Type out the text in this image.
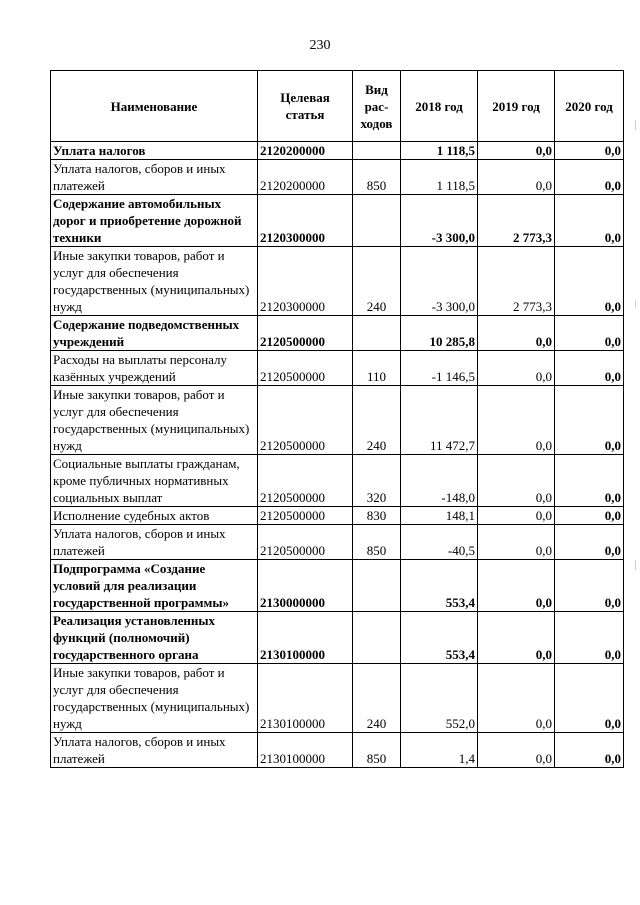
230
Наименование	Целевая статья	Вид рас-ходов	2018 год	2019 год	2020 год
Уплата налогов	2120200000		1 118,5	0,0	0,0
Уплата налогов, сборов и иных платежей	2120200000	850	1 118,5	0,0	0,0
Содержание автомобильных дорог и приобретение дорожной техники	2120300000		-3 300,0	2 773,3	0,0
Иные закупки товаров, работ и услуг для обеспечения государственных (муниципальных) нужд	2120300000	240	-3 300,0	2 773,3	0,0
Содержание подведомственных учреждений	2120500000		10 285,8	0,0	0,0
Расходы на выплаты персоналу казённых учреждений	2120500000	110	-1 146,5	0,0	0,0
Иные закупки товаров, работ и услуг для обеспечения государственных (муниципальных) нужд	2120500000	240	11 472,7	0,0	0,0
Социальные выплаты гражданам, кроме публичных нормативных социальных выплат	2120500000	320	-148,0	0,0	0,0
Исполнение судебных актов	2120500000	830	148,1	0,0	0,0
Уплата налогов, сборов и иных платежей	2120500000	850	-40,5	0,0	0,0
Подпрограмма «Создание условий для реализации государственной программы»	2130000000		553,4	0,0	0,0
Реализация установленных функций (полномочий) государственного органа	2130100000		553,4	0,0	0,0
Иные закупки товаров, работ и услуг для обеспечения государственных (муниципальных) нужд	2130100000	240	552,0	0,0	0,0
Уплата налогов, сборов и иных платежей	2130100000	850	1,4	0,0	0,0
